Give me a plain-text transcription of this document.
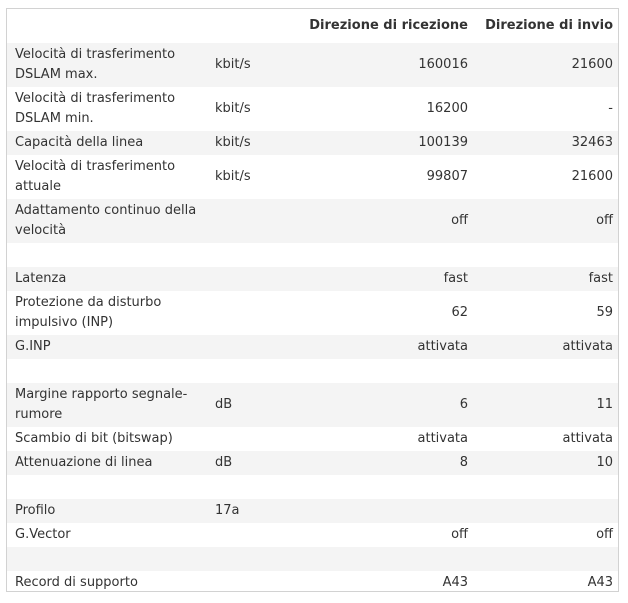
		Direzione di ricezione	Direzione di invio
Velocità di trasferimento DSLAM max.	kbit/s	160016	21600
Velocità di trasferimento DSLAM min.	kbit/s	16200	-
Capacità della linea	kbit/s	100139	32463
Velocità di trasferimento attuale	kbit/s	99807	21600
Adattamento continuo della velocità		off	off

Latenza		fast	fast
Protezione da disturbo impulsivo (INP)		62	59
G.INP		attivata	attivata

Margine rapporto segnale-rumore	dB	6	11
Scambio di bit (bitswap)		attivata	attivata
Attenuazione di linea	dB	8	10

Profilo	17a		
G.Vector		off	off

Record di supporto		A43	A43
